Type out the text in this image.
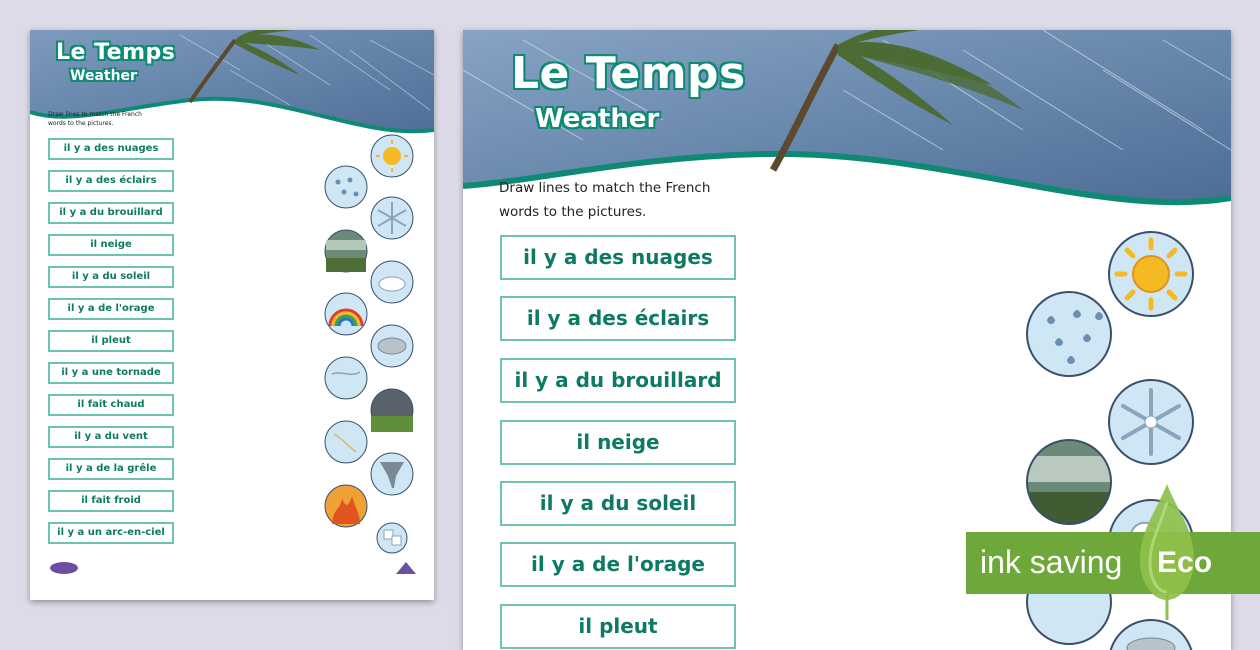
Le Temps
Weather
Draw lines to match the French
words to the pictures.
il y a des nuages
il y a des éclairs
il y a du brouillard
il neige
il y a du soleil
il y a de l'orage
il pleut
il y a une tornade
il fait chaud
il y a du vent
il y a de la grêle
il fait froid
il y a un arc-en-ciel
Le Temps
Weather
Draw lines to match the French
words to the pictures.
il y a des nuages
il y a des éclairs
il y a du brouillard
il neige
il y a du soleil
il y a de l'orage
il pleut
ink saving Eco
